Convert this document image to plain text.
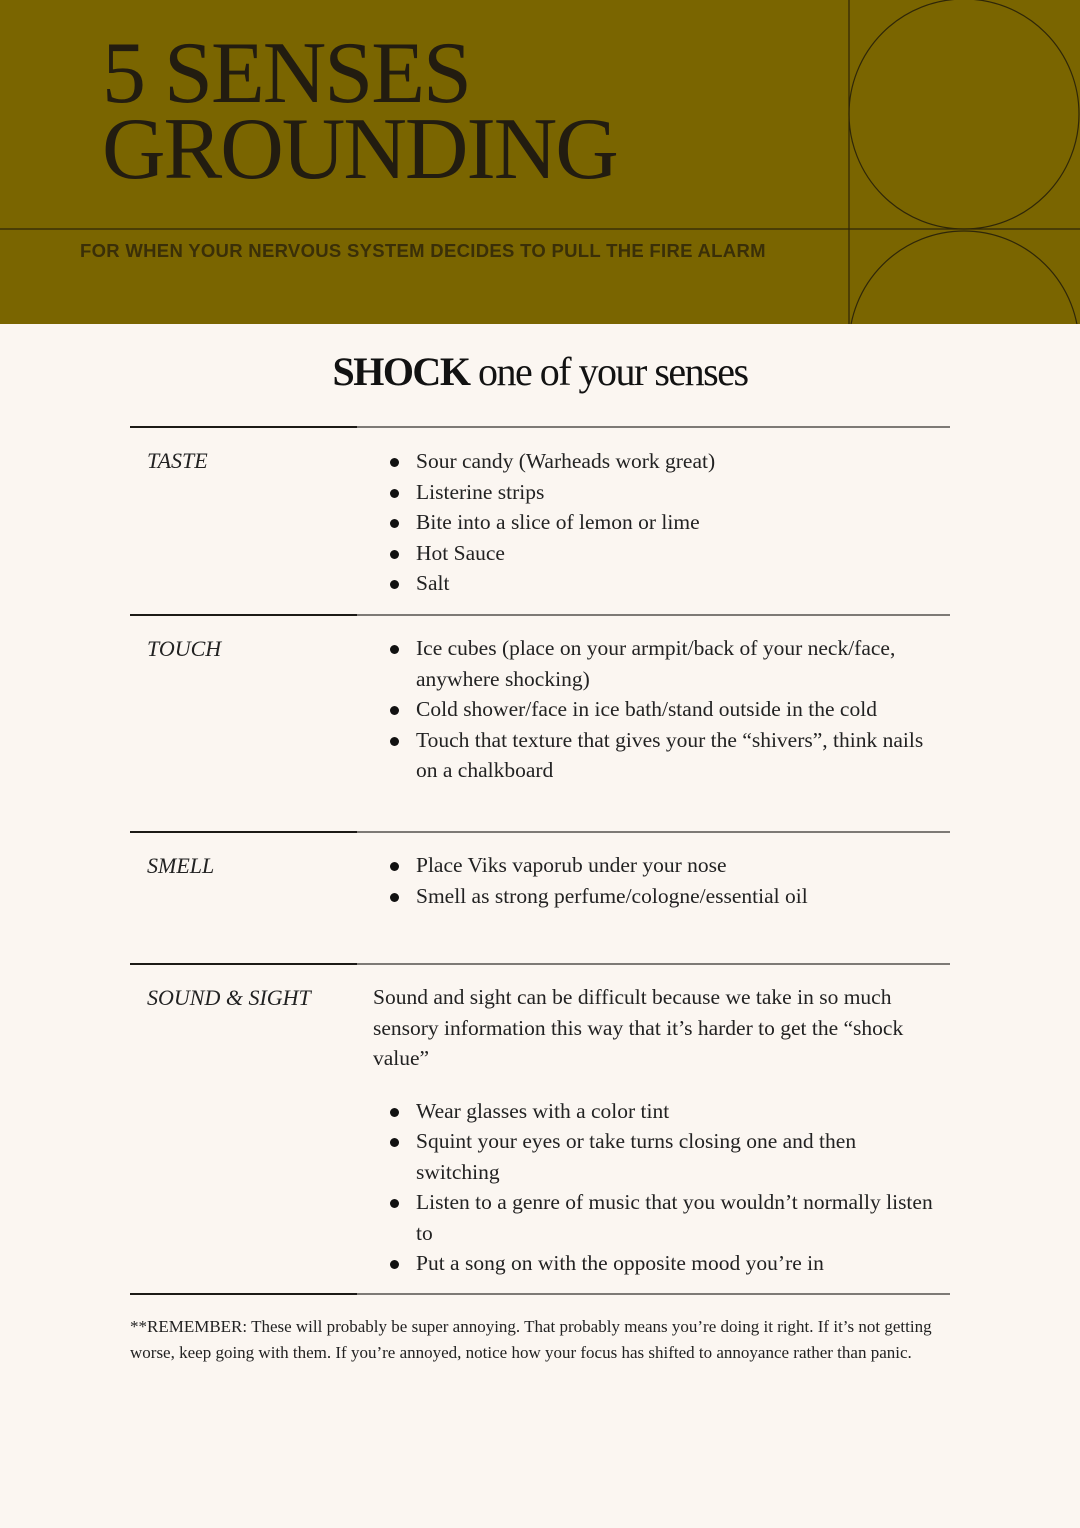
5 SENSES
GROUNDING
FOR WHEN YOUR NERVOUS SYSTEM DECIDES TO PULL THE FIRE ALARM
SHOCK one of your senses
TASTE	Sour candy (Warheads work great)
Listerine strips
Bite into a slice of lemon or lime
Hot Sauce
Salt
TOUCH	Ice cubes (place on your armpit/back of your neck/face, anywhere shocking)
Cold shower/face in ice bath/stand outside in the cold
Touch that texture that gives your the “shivers”, think nails on a chalkboard
SMELL	Place Viks vaporub under your nose
Smell as strong perfume/cologne/essential oil
SOUND & SIGHT	Sound and sight can be difficult because we take in so much sensory information this way that it’s harder to get the “shock value”

Wear glasses with a color tint
Squint your eyes or take turns closing one and then switching
Listen to a genre of music that you wouldn’t normally listen to
Put a song on with the opposite mood you’re in
**REMEMBER: These will probably be super annoying. That probably means you’re doing it right. If it’s not getting worse, keep going with them. If you’re annoyed, notice how your focus has shifted to annoyance rather than panic.
